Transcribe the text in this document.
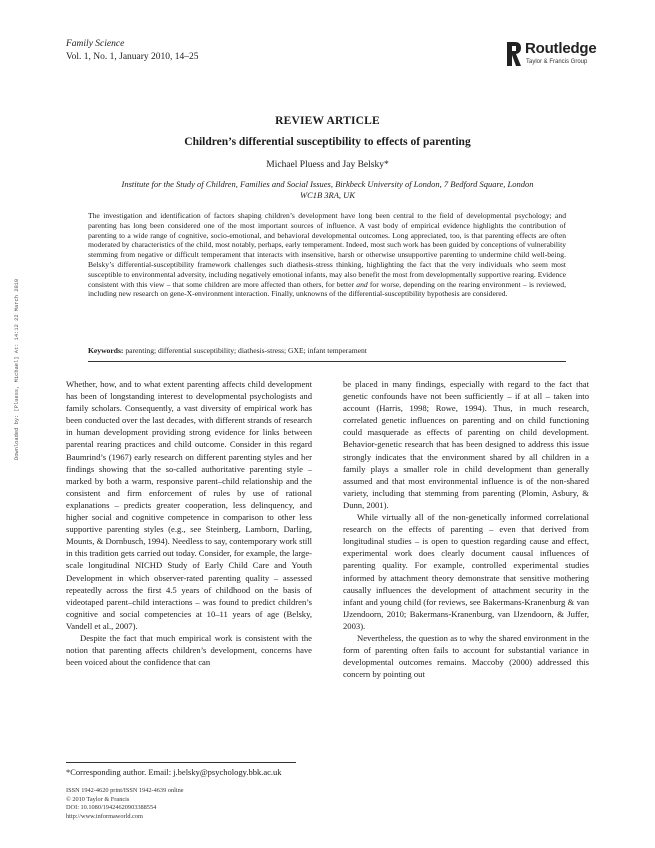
Family Science
Vol. 1, No. 1, January 2010, 14–25	Routledge
Taylor & Francis Group
REVIEW ARTICLE
Children’s differential susceptibility to effects of parenting
Michael Pluess and Jay Belsky*
Institute for the Study of Children, Families and Social Issues, Birkbeck University of London, 7 Bedford Square, London WC1B 3RA, UK
The investigation and identification of factors shaping children’s development have long been central to the field of developmental psychology; and parenting has long been considered one of the most important sources of influence. A vast body of empirical evidence highlights the contribution of parenting to a wide range of cognitive, socio-emotional, and behavioral developmental outcomes. Long appreciated, too, is that parenting effects are often moderated by characteristics of the child, most notably, perhaps, early temperament. Indeed, most such work has been guided by conceptions of vulnerability stemming from negative or difficult temperament that interacts with insensitive, harsh or otherwise unsupportive parenting to undermine child well-being. Belsky’s differential-susceptibility framework challenges such diathesis-stress thinking, highlighting the fact that the very individuals who seem most susceptible to environmental adversity, including negatively emotional infants, may also benefit the most from developmentally supportive rearing. Evidence consistent with this view – that some children are more affected than others, for better and for worse, depending on the rearing environment – is reviewed, including new research on gene-X-environment interaction. Finally, unknowns of the differential-susceptibility hypothesis are considered.
Keywords: parenting; differential susceptibility; diathesis-stress; GXE; infant temperament
Downloaded by: [Pluess, Michael] At: 14:12 22 March 2010	Whether, how, and to what extent parenting affects child development has been of longstanding interest to developmental psychologists and family scholars. Consequently, a vast diversity of empirical work has been conducted over the last decades, with different strands of research in human development providing strong evidence for links between parental rearing practices and child outcome. Consider in this regard Baumrind’s (1967) early research on different parenting styles and her findings showing that the so-called authoritative parenting style – marked by both a warm, responsive parent–child relationship and the consistent and firm enforcement of rules by use of rational explanations – predicts greater cooperation, less delinquency, and higher social and cognitive competence in comparison to other less supportive parenting styles (e.g., see Steinberg, Lamborn, Darling, Mounts, & Dornbusch, 1994). Needless to say, contemporary work still in this tradition gets carried out today. Consider, for example, the large-scale longitudinal NICHD Study of Early Child Care and Youth Development in which observer-rated parenting quality – assessed repeatedly across the first 4.5 years of childhood on the basis of videotaped parent–child interactions – was found to predict children’s cognitive and social competencies at 10–11 years of age (Belsky, Vandell et al., 2007).

Despite the fact that much empirical work is consistent with the notion that parenting affects children’s development, concerns have been voiced about the confidence that can

be placed in many findings, especially with regard to the fact that genetic confounds have not been sufficiently – if at all – taken into account (Harris, 1998; Rowe, 1994). Thus, in much research, correlated genetic influences on parenting and on child functioning could masquerade as effects of parenting on child development. Behavior-genetic research that has been designed to address this issue strongly indicates that the environment shared by all children in a family plays a smaller role in child development than generally assumed and that most environmental influence is of the non-shared variety, including that stemming from parenting (Plomin, Asbury, & Dunn, 2001).

While virtually all of the non-genetically informed correlational research on the effects of parenting – even that derived from longitudinal studies – is open to question regarding cause and effect, experimental work does clearly document causal influences of parenting quality. For example, controlled experimental studies informed by attachment theory demonstrate that sensitive mothering causally influences the development of attachment security in the infant and young child (for reviews, see Bakermans-Kranenburg & van IJzendoorn, 2010; Bakermans-Kranenburg, van IJzendoorn, & Juffer, 2003).

Nevertheless, the question as to why the shared environment in the form of parenting often fails to account for substantial variance in developmental outcomes remains. Maccoby (2000) addressed this concern by pointing out

*Corresponding author. Email: j.belsky@psychology.bbk.ac.uk
ISSN 1942-4620 print/ISSN 1942-4639 online
© 2010 Taylor & Francis
DOI: 10.1080/19424620903388554
http://www.informaworld.com
